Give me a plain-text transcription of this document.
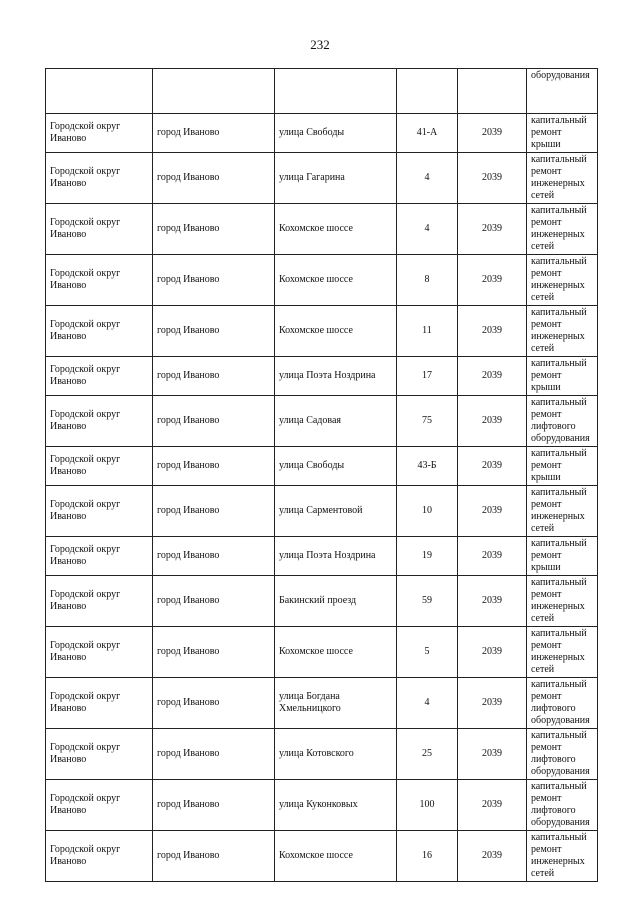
232
					оборудования
Городской округ Иваново	город Иваново	улица Свободы	41-А	2039	капитальный ремонт крыши
Городской округ Иваново	город Иваново	улица Гагарина	4	2039	капитальный ремонт инженерных сетей
Городской округ Иваново	город Иваново	Кохомское шоссе	4	2039	капитальный ремонт инженерных сетей
Городской округ Иваново	город Иваново	Кохомское шоссе	8	2039	капитальный ремонт инженерных сетей
Городской округ Иваново	город Иваново	Кохомское шоссе	11	2039	капитальный ремонт инженерных сетей
Городской округ Иваново	город Иваново	улица Поэта Ноздрина	17	2039	капитальный ремонт крыши
Городской округ Иваново	город Иваново	улица Садовая	75	2039	капитальный ремонт лифтового оборудования
Городской округ Иваново	город Иваново	улица Свободы	43-Б	2039	капитальный ремонт крыши
Городской округ Иваново	город Иваново	улица Сарментовой	10	2039	капитальный ремонт инженерных сетей
Городской округ Иваново	город Иваново	улица Поэта Ноздрина	19	2039	капитальный ремонт крыши
Городской округ Иваново	город Иваново	Бакинский проезд	59	2039	капитальный ремонт инженерных сетей
Городской округ Иваново	город Иваново	Кохомское шоссе	5	2039	капитальный ремонт инженерных сетей
Городской округ Иваново	город Иваново	улица Богдана Хмельницкого	4	2039	капитальный ремонт лифтового оборудования
Городской округ Иваново	город Иваново	улица Котовского	25	2039	капитальный ремонт лифтового оборудования
Городской округ Иваново	город Иваново	улица Куконковых	100	2039	капитальный ремонт лифтового оборудования
Городской округ Иваново	город Иваново	Кохомское шоссе	16	2039	капитальный ремонт инженерных сетей
